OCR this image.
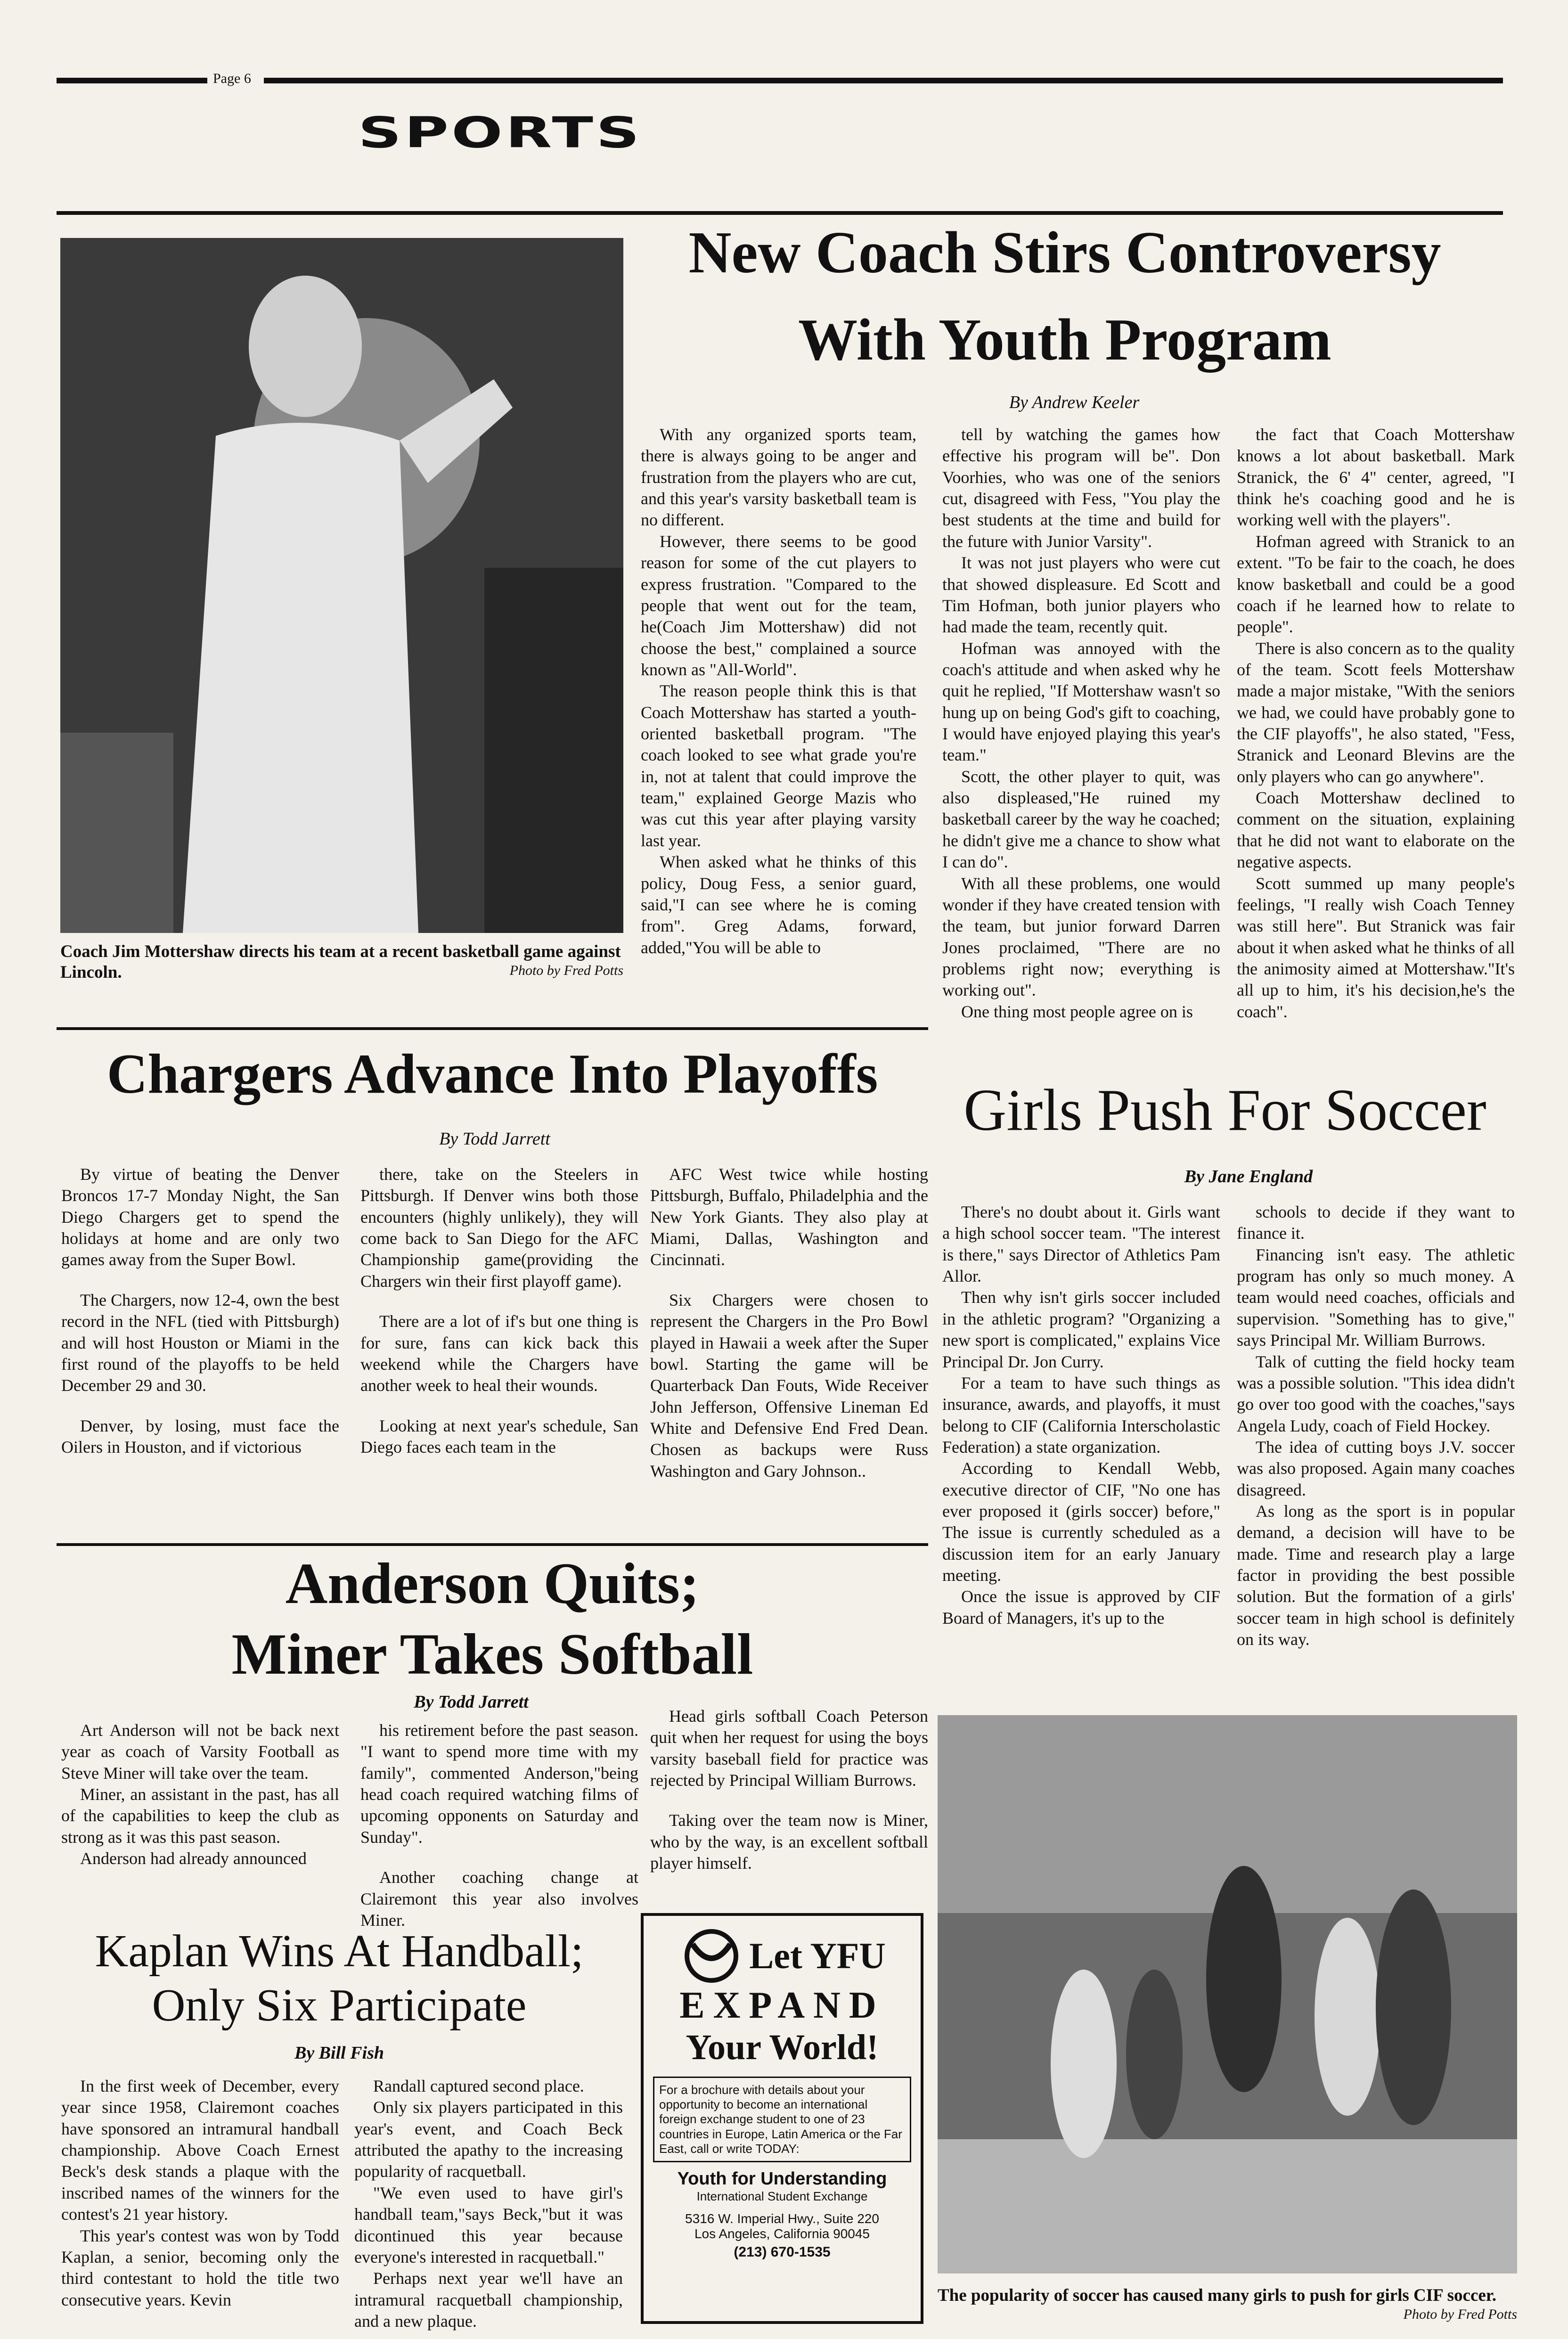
Page 6
SPORTS
Coach Jim Mottershaw directs his team at a recent basketball game against Lincoln.	Photo by Fred Potts
New Coach Stirs Controversy
With Youth Program
By Andrew Keeler

With any organized sports team, there is always going to be anger and frustration from the players who are cut, and this year's varsity basketball team is no different.

However, there seems to be good reason for some of the cut players to express frustration. "Compared to the people that went out for the team, he(Coach Jim Mottershaw) did not choose the best," complained a source known as "All-World".

The reason people think this is that Coach Mottershaw has started a youth-oriented basketball program. "The coach looked to see what grade you're in, not at talent that could improve the team," explained George Mazis who was cut this year after playing varsity last year.

When asked what he thinks of this policy, Doug Fess, a senior guard, said,"I can see where he is coming from". Greg Adams, forward, added,"You will be able to

tell by watching the games how effective his program will be". Don Voorhies, who was one of the seniors cut, disagreed with Fess, "You play the best students at the time and build for the future with Junior Varsity".

It was not just players who were cut that showed displeasure. Ed Scott and Tim Hofman, both junior players who had made the team, recently quit.

Hofman was annoyed with the coach's attitude and when asked why he quit he replied, "If Mottershaw wasn't so hung up on being God's gift to coaching, I would have enjoyed playing this year's team."

Scott, the other player to quit, was also displeased,"He ruined my basketball career by the way he coached; he didn't give me a chance to show what I can do".

With all these problems, one would wonder if they have created tension with the team, but junior forward Darren Jones proclaimed, "There are no problems right now; everything is working out".

One thing most people agree on is

the fact that Coach Mottershaw knows a lot about basketball. Mark Stranick, the 6' 4" center, agreed, "I think he's coaching good and he is working well with the players".

Hofman agreed with Stranick to an extent. "To be fair to the coach, he does know basketball and could be a good coach if he learned how to relate to people".

There is also concern as to the quality of the team. Scott feels Mottershaw made a major mistake, "With the seniors we had, we could have probably gone to the CIF playoffs", he also stated, "Fess, Stranick and Leonard Blevins are the only players who can go anywhere".

Coach Mottershaw declined to comment on the situation, explaining that he did not want to elaborate on the negative aspects.

Scott summed up many people's feelings, "I really wish Coach Tenney was still here". But Stranick was fair about it when asked what he thinks of all the animosity aimed at Mottershaw."It's all up to him, it's his decision,he's the coach".

Chargers Advance Into Playoffs
By Todd Jarrett

By virtue of beating the Denver Broncos 17-7 Monday Night, the San Diego Chargers get to spend the holidays at home and are only two games away from the Super Bowl.

The Chargers, now 12-4, own the best record in the NFL (tied with Pittsburgh) and will host Houston or Miami in the first round of the playoffs to be held December 29 and 30.

Denver, by losing, must face the Oilers in Houston, and if victorious

there, take on the Steelers in Pittsburgh. If Denver wins both those encounters (highly unlikely), they will come back to San Diego for the AFC Championship game(providing the Chargers win their first playoff game).

There are a lot of if's but one thing is for sure, fans can kick back this weekend while the Chargers have another week to heal their wounds.

Looking at next year's schedule, San Diego faces each team in the

AFC West twice while hosting Pittsburgh, Buffalo, Philadelphia and the New York Giants. They also play at Miami, Dallas, Washington and Cincinnati.

Six Chargers were chosen to represent the Chargers in the Pro Bowl played in Hawaii a week after the Super bowl. Starting the game will be Quarterback Dan Fouts, Wide Receiver John Jefferson, Offensive Lineman Ed White and Defensive End Fred Dean. Chosen as backups were Russ Washington and Gary Johnson..

Girls Push For Soccer
By Jane England

There's no doubt about it. Girls want a high school soccer team. "The interest is there," says Director of Athletics Pam Allor.

Then why isn't girls soccer included in the athletic program? "Organizing a new sport is complicated," explains Vice Principal Dr. Jon Curry.

For a team to have such things as insurance, awards, and playoffs, it must belong to CIF (California Interscholastic Federation) a state organization.

According to Kendall Webb, executive director of CIF, "No one has ever proposed it (girls soccer) before," The issue is currently scheduled as a discussion item for an early January meeting.

Once the issue is approved by CIF Board of Managers, it's up to the

schools to decide if they want to finance it.

Financing isn't easy. The athletic program has only so much money. A team would need coaches, officials and supervision. "Something has to give," says Principal Mr. William Burrows.

Talk of cutting the field hocky team was a possible solution. "This idea didn't go over too good with the coaches,"says Angela Ludy, coach of Field Hockey.

The idea of cutting boys J.V. soccer was also proposed. Again many coaches disagreed.

As long as the sport is in popular demand, a decision will have to be made. Time and research play a large factor in providing the best possible solution. But the formation of a girls' soccer team in high school is definitely on its way.

The popularity of soccer has caused many girls to push for girls CIF soccer.
Photo by Fred Potts
Anderson Quits;
Miner Takes Softball
By Todd Jarrett

Art Anderson will not be back next year as coach of Varsity Football as Steve Miner will take over the team.

Miner, an assistant in the past, has all of the capabilities to keep the club as strong as it was this past season.

Anderson had already announced

his retirement before the past season. "I want to spend more time with my family", commented Anderson,"being head coach required watching films of upcoming opponents on Saturday and Sunday".

Another coaching change at Clairemont this year also involves Miner.

Head girls softball Coach Peterson quit when her request for using the boys varsity baseball field for practice was rejected by Principal William Burrows.

Taking over the team now is Miner, who by the way, is an excellent softball player himself.

Kaplan Wins At Handball;
Only Six Participate
By Bill Fish

In the first week of December, every year since 1958, Clairemont coaches have sponsored an intramural handball championship. Above Coach Ernest Beck's desk stands a plaque with the inscribed names of the winners for the contest's 21 year history.

This year's contest was won by Todd Kaplan, a senior, becoming only the third contestant to hold the title two consecutive years. Kevin

Randall captured second place.

Only six players participated in this year's event, and Coach Beck attributed the apathy to the increasing popularity of racquetball.

"We even used to have girl's handball team,"says Beck,"but it was dicontinued this year because everyone's interested in racquetball."

Perhaps next year we'll have an intramural racquetball championship, and a new plaque.

Let YFU
EXPAND
Your World!
For a brochure with details about your opportunity to become an international foreign exchange student to one of 23 countries in Europe, Latin America or the Far East, call or write TODAY:
Youth for Understanding
International Student Exchange
5316 W. Imperial Hwy., Suite 220
Los Angeles, California 90045
(213) 670-1535
